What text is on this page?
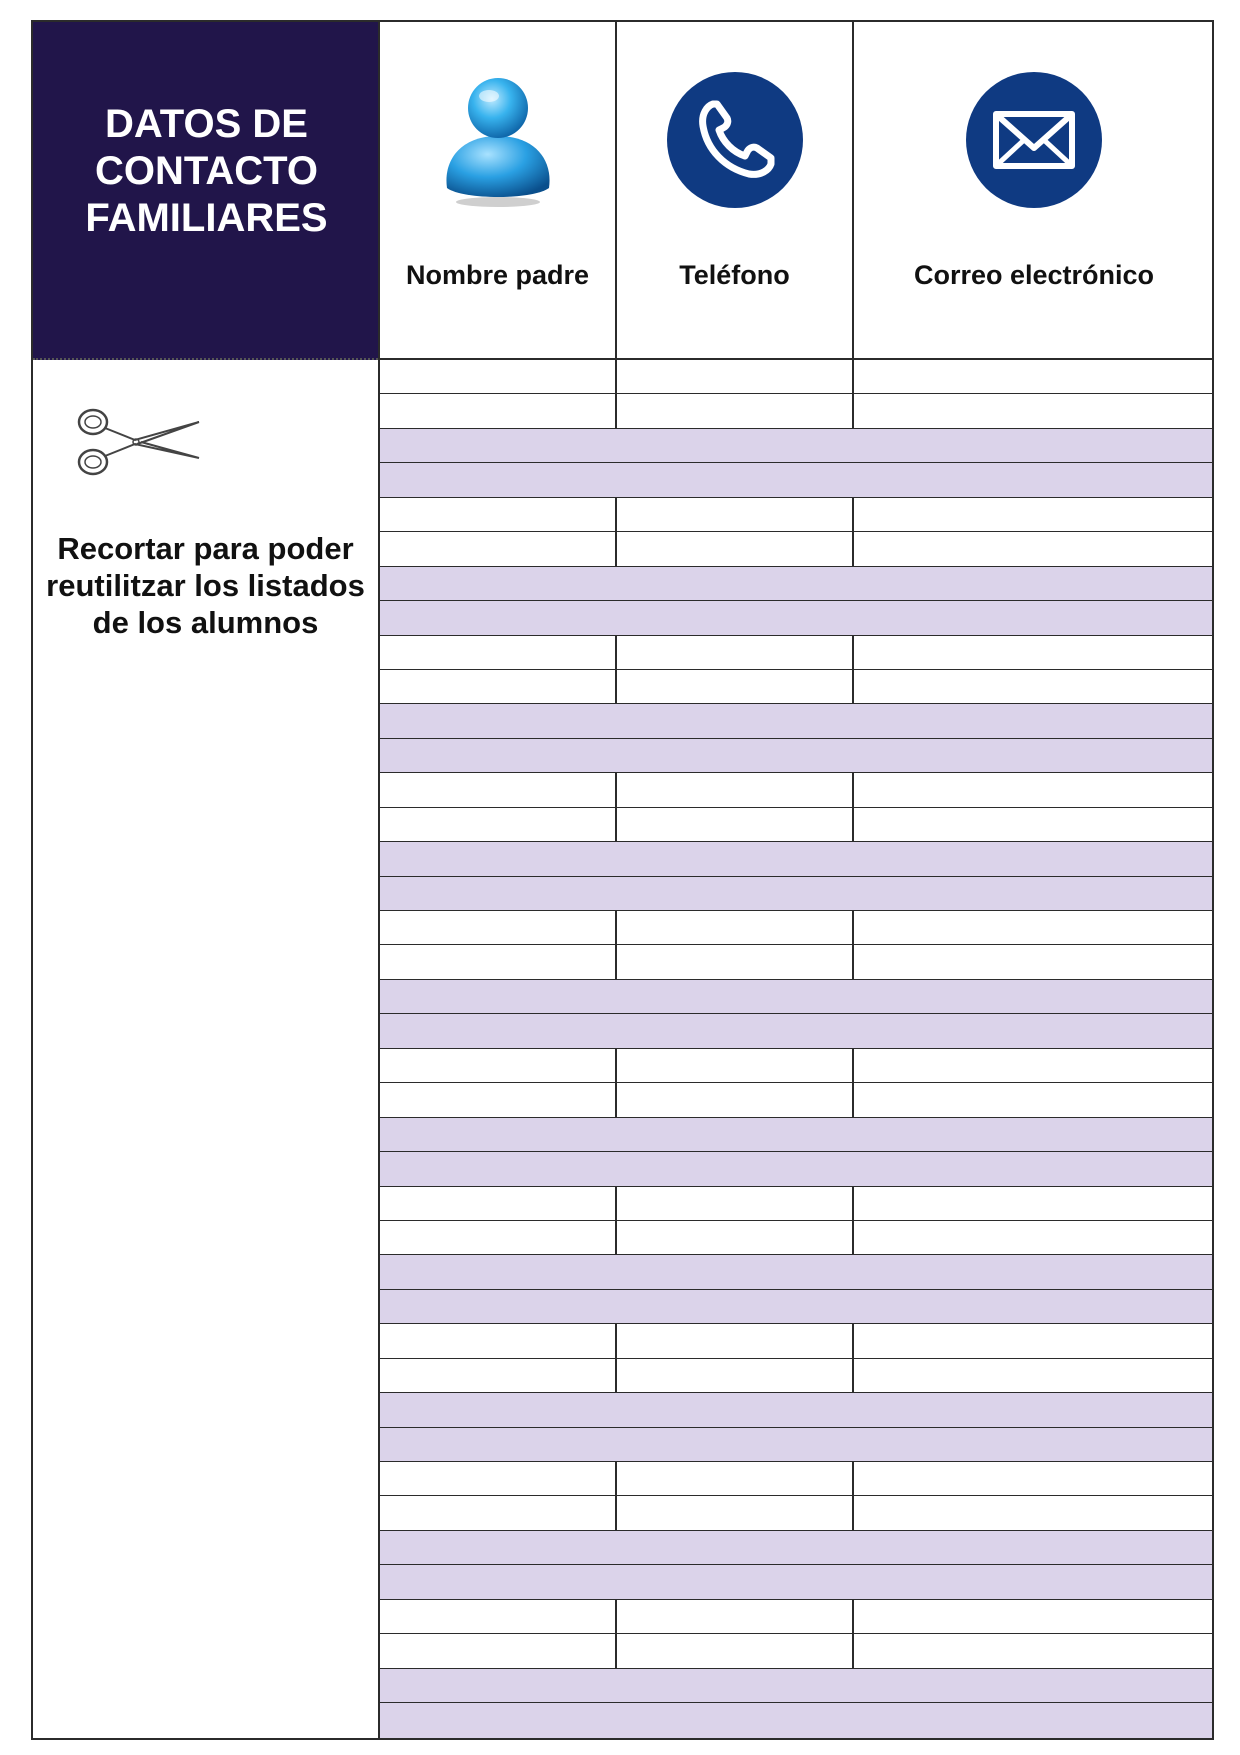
DATOS DE
CONTACTO
FAMILIARES
Nombre padre	Teléfono	Correo electrónico
Recortar para poder
reutilitzar los listados
de los alumnos
